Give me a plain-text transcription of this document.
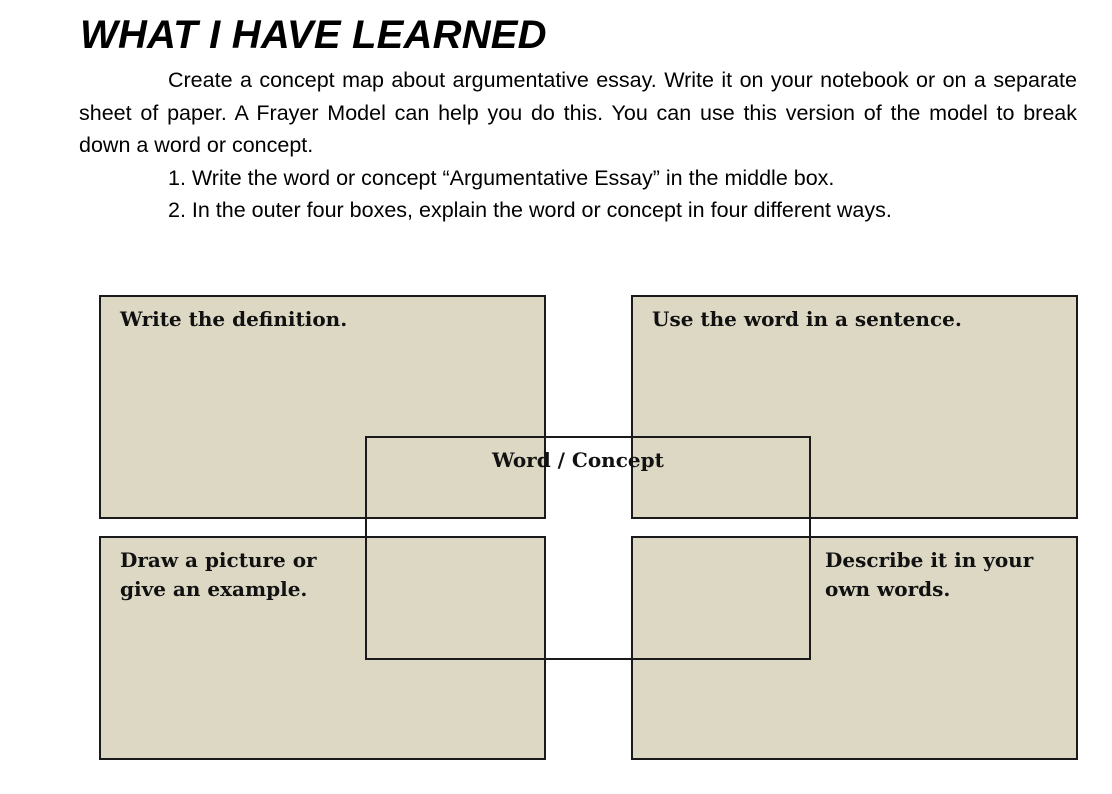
WHAT I HAVE LEARNED

Create a concept map about argumentative essay. Write it on your notebook or on a separate sheet of paper. A Frayer Model can help you do this. You can use this version of the model to break down a word or concept.

1. Write the word or concept “Argumentative Essay” in the middle box.

2. In the outer four boxes, explain the word or concept in four different ways.

Write the definition.	Use the word in a sentence.
Word / Concept
Draw a picture or
give an example.
Describe it in your
own words.
